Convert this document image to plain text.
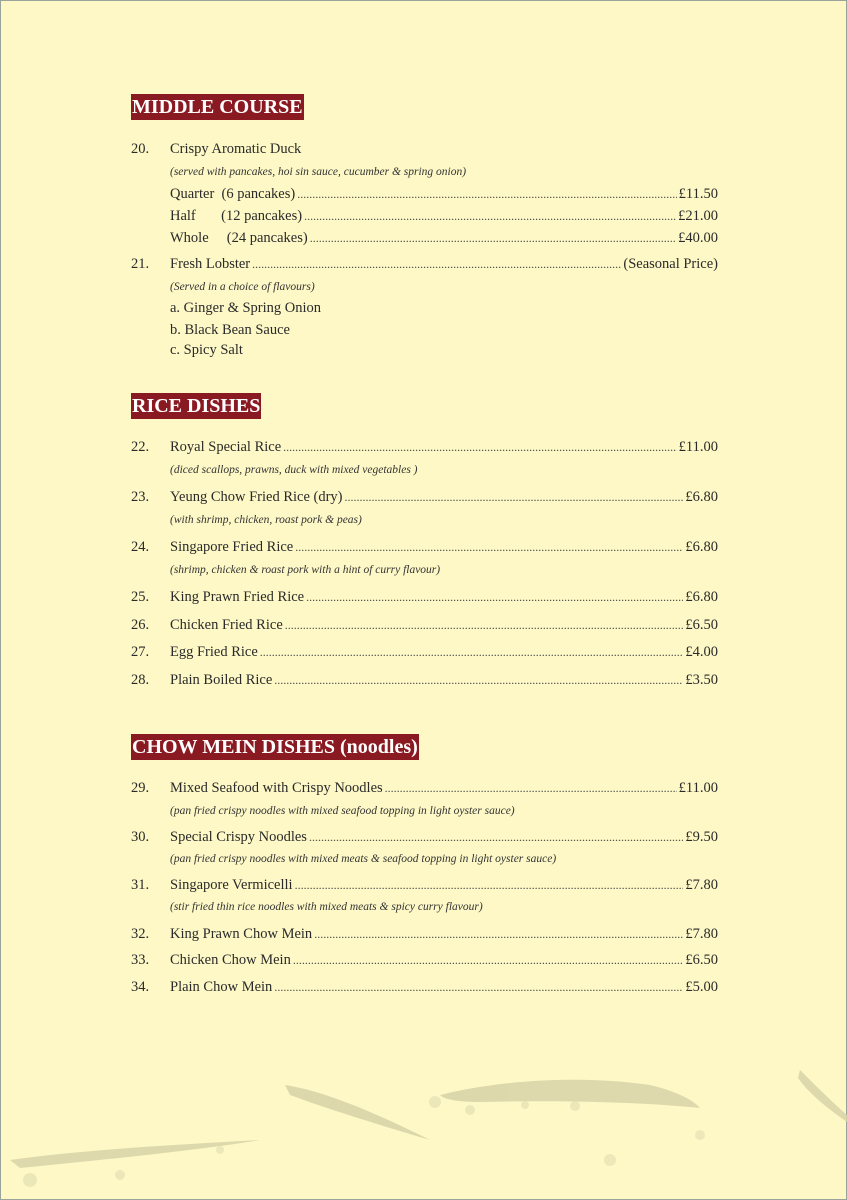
MIDDLE COURSE
20.	Crispy Aromatic Duck
(served with pancakes, hoi sin sauce, cucumber & spring onion)
Quarter  (6 pancakes) .....	£11.50
Half       (12 pancakes) .....	£21.00
Whole     (24 pancakes) .....	£40.00
21.	Fresh Lobster .....	(Seasonal Price)
(Served in a choice of flavours)
a. Ginger & Spring Onion
b. Black Bean Sauce
c. Spicy Salt
RICE DISHES
22.	Royal Special Rice .....	£11.00
(diced scallops, prawns, duck with mixed vegetables )
23.	Yeung Chow Fried Rice (dry) .....	£6.80
(with shrimp, chicken, roast pork & peas)
24.	Singapore Fried Rice .....	£6.80
(shrimp, chicken & roast pork with a hint of curry flavour)
25.	King Prawn Fried Rice .....	£6.80
26.	Chicken Fried Rice .....	£6.50
27.	Egg Fried Rice .....	£4.00
28.	Plain Boiled Rice .....	£3.50
CHOW MEIN DISHES (noodles)
29.	Mixed Seafood with Crispy Noodles .....	£11.00
(pan fried crispy noodles with mixed seafood topping in light oyster sauce)
30.	Special Crispy Noodles .....	£9.50
(pan fried crispy noodles with mixed meats & seafood topping in light oyster sauce)
31.	Singapore Vermicelli .....	£7.80
(stir fried thin rice noodles with mixed meats & spicy curry flavour)
32.	King Prawn Chow Mein .....	£7.80
33.	Chicken Chow Mein .....	£6.50
34.	Plain Chow Mein .....	£5.00
